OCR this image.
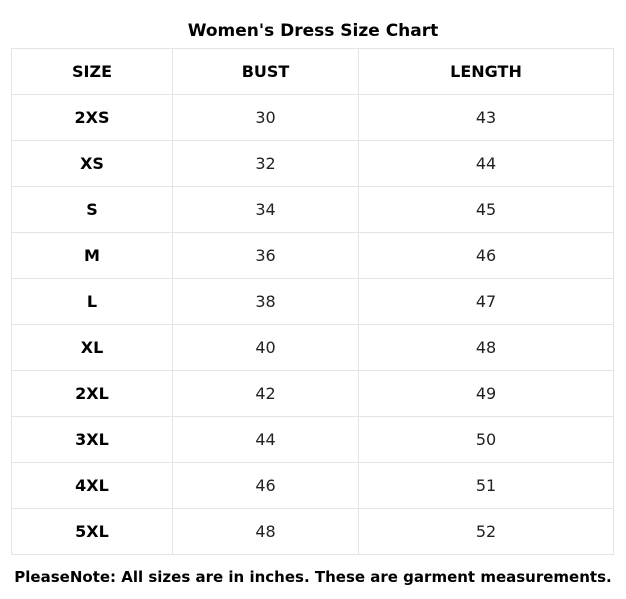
Women's Dress Size Chart
SIZE	BUST	LENGTH
2XS	30	43
XS	32	44
S	34	45
M	36	46
L	38	47
XL	40	48
2XL	42	49
3XL	44	50
4XL	46	51
5XL	48	52
PleaseNote: All sizes are in inches. These are garment measurements.
